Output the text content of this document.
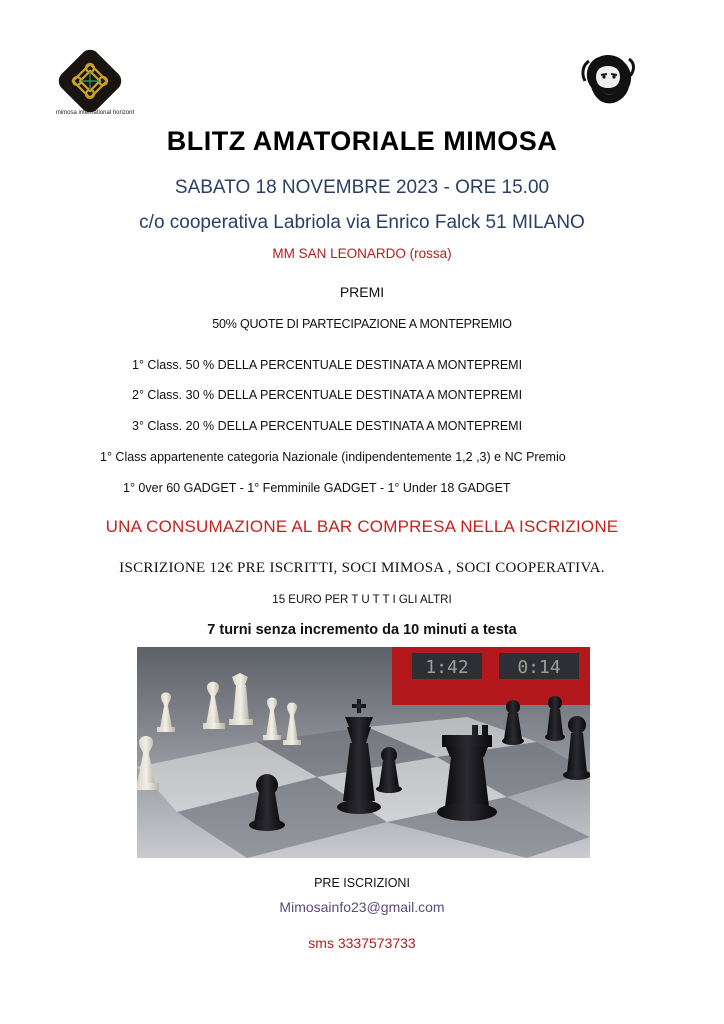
mimosa international horizont
BLITZ AMATORIALE MIMOSA
SABATO 18 NOVEMBRE 2023 - ORE 15.00
c/o cooperativa Labriola via Enrico Falck 51 MILANO
MM SAN LEONARDO (rossa)
PREMI
50% QUOTE DI PARTECIPAZIONE A MONTEPREMIO
1° Class. 50 % DELLA PERCENTUALE DESTINATA A MONTEPREMI
2° Class. 30 % DELLA PERCENTUALE DESTINATA A MONTEPREMI
3° Class. 20 % DELLA PERCENTUALE DESTINATA A MONTEPREMI
1° Class appartenente categoria Nazionale (indipendentemente 1,2 ,3) e NC Premio
1° 0ver 60 GADGET - 1° Femminile GADGET - 1° Under 18 GADGET
UNA CONSUMAZIONE AL BAR COMPRESA NELLA ISCRIZIONE
ISCRIZIONE 12€ PRE ISCRITTI, SOCI MIMOSA , SOCI COOPERATIVA.
15 EURO PER T U T T I GLI ALTRI
7 turni senza incremento da 10 minuti a testa
1:42	0:14
PRE ISCRIZIONI
Mimosainfo23@gmail.com
sms 3337573733
